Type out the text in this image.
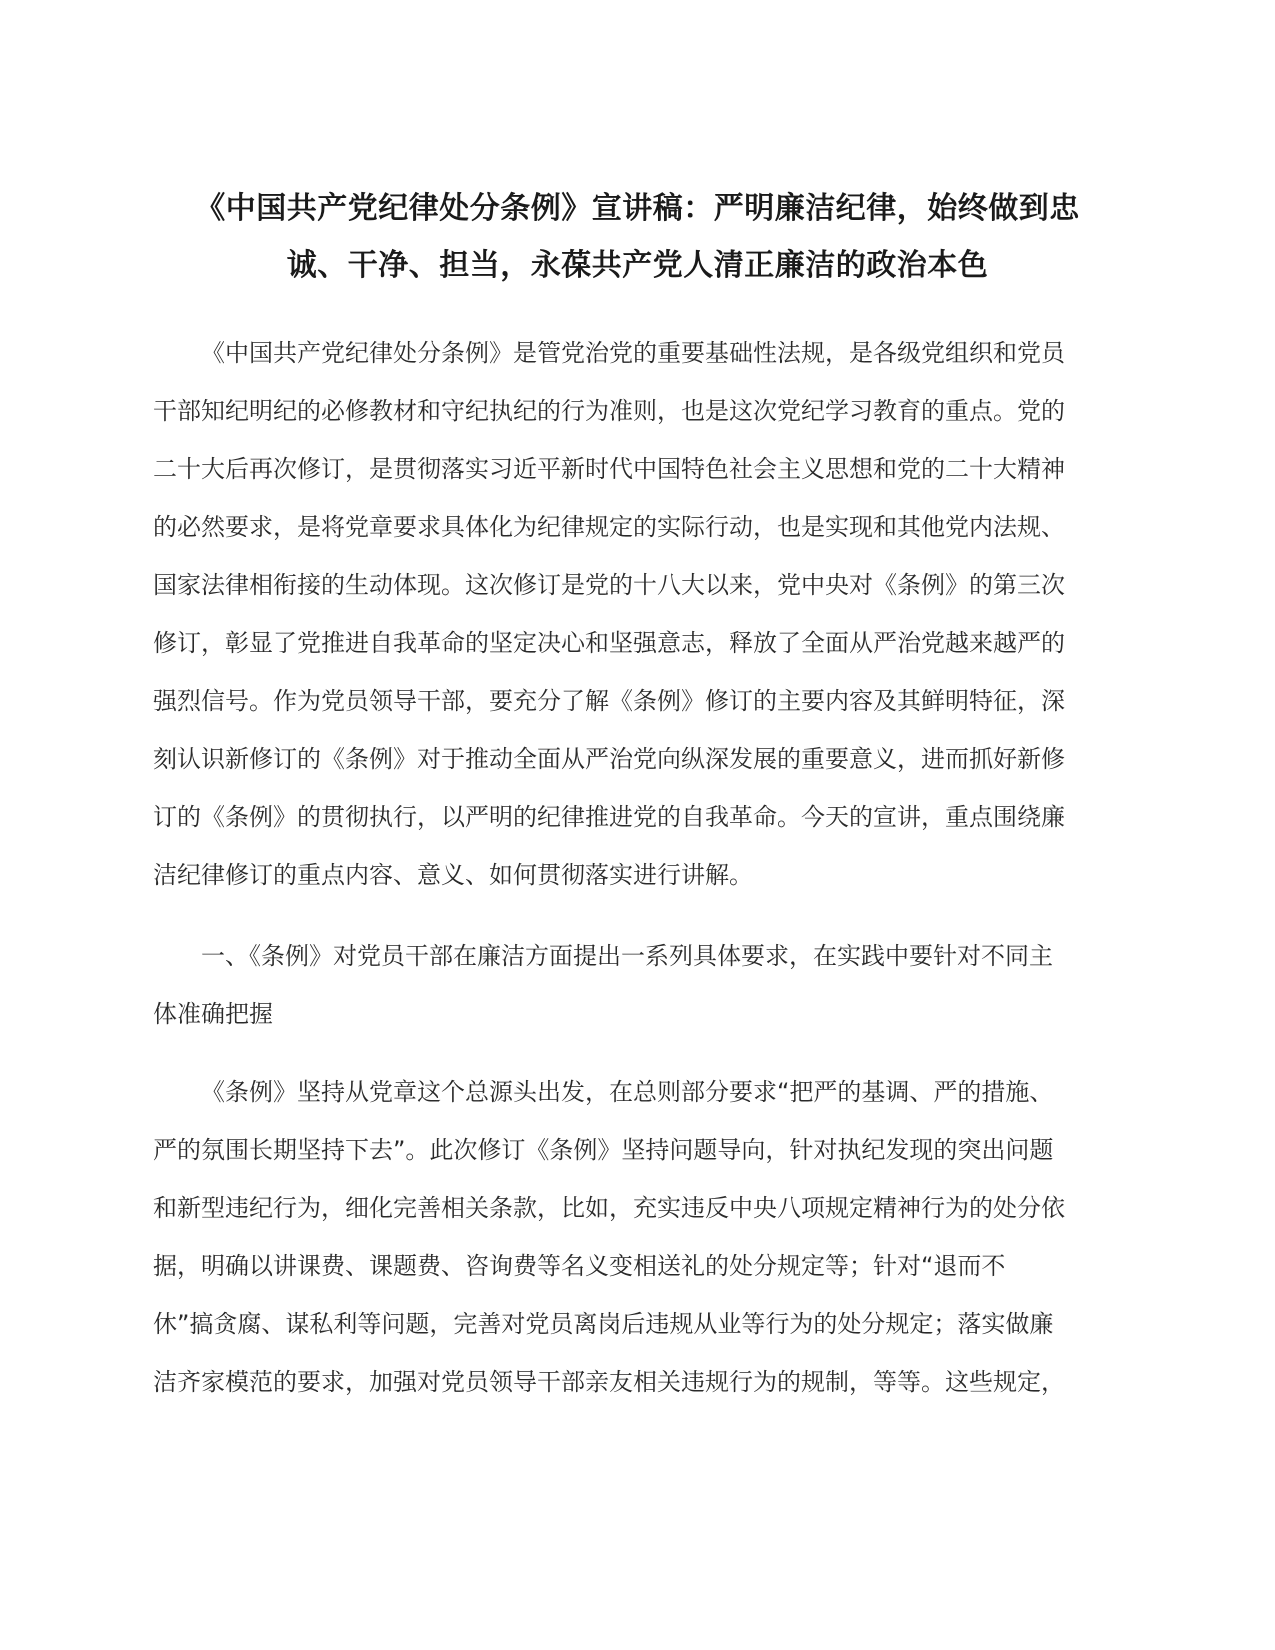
《中国共产党纪律处分条例》宣讲稿：严明廉洁纪律，始终做到忠
诚、干净、担当，永葆共产党人清正廉洁的政治本色

《中国共产党纪律处分条例》是管党治党的重要基础性法规，是各级党组织和党员
干部知纪明纪的必修教材和守纪执纪的行为准则，也是这次党纪学习教育的重点。党的
二十大后再次修订，是贯彻落实习近平新时代中国特色社会主义思想和党的二十大精神
的必然要求，是将党章要求具体化为纪律规定的实际行动，也是实现和其他党内法规、
国家法律相衔接的生动体现。这次修订是党的十八大以来，党中央对《条例》的第三次
修订，彰显了党推进自我革命的坚定决心和坚强意志，释放了全面从严治党越来越严的
强烈信号。作为党员领导干部，要充分了解《条例》修订的主要内容及其鲜明特征，深
刻认识新修订的《条例》对于推动全面从严治党向纵深发展的重要意义，进而抓好新修
订的《条例》的贯彻执行，以严明的纪律推进党的自我革命。今天的宣讲，重点围绕廉
洁纪律修订的重点内容、意义、如何贯彻落实进行讲解。

一、《条例》对党员干部在廉洁方面提出一系列具体要求，在实践中要针对不同主
体准确把握

《条例》坚持从党章这个总源头出发，在总则部分要求“把严的基调、严的措施、
严的氛围长期坚持下去”。此次修订《条例》坚持问题导向，针对执纪发现的突出问题
和新型违纪行为，细化完善相关条款，比如，充实违反中央八项规定精神行为的处分依
据，明确以讲课费、课题费、咨询费等名义变相送礼的处分规定等；针对“退而不
休”搞贪腐、谋私利等问题，完善对党员离岗后违规从业等行为的处分规定；落实做廉
洁齐家模范的要求，加强对党员领导干部亲友相关违规行为的规制，等等。这些规定，
